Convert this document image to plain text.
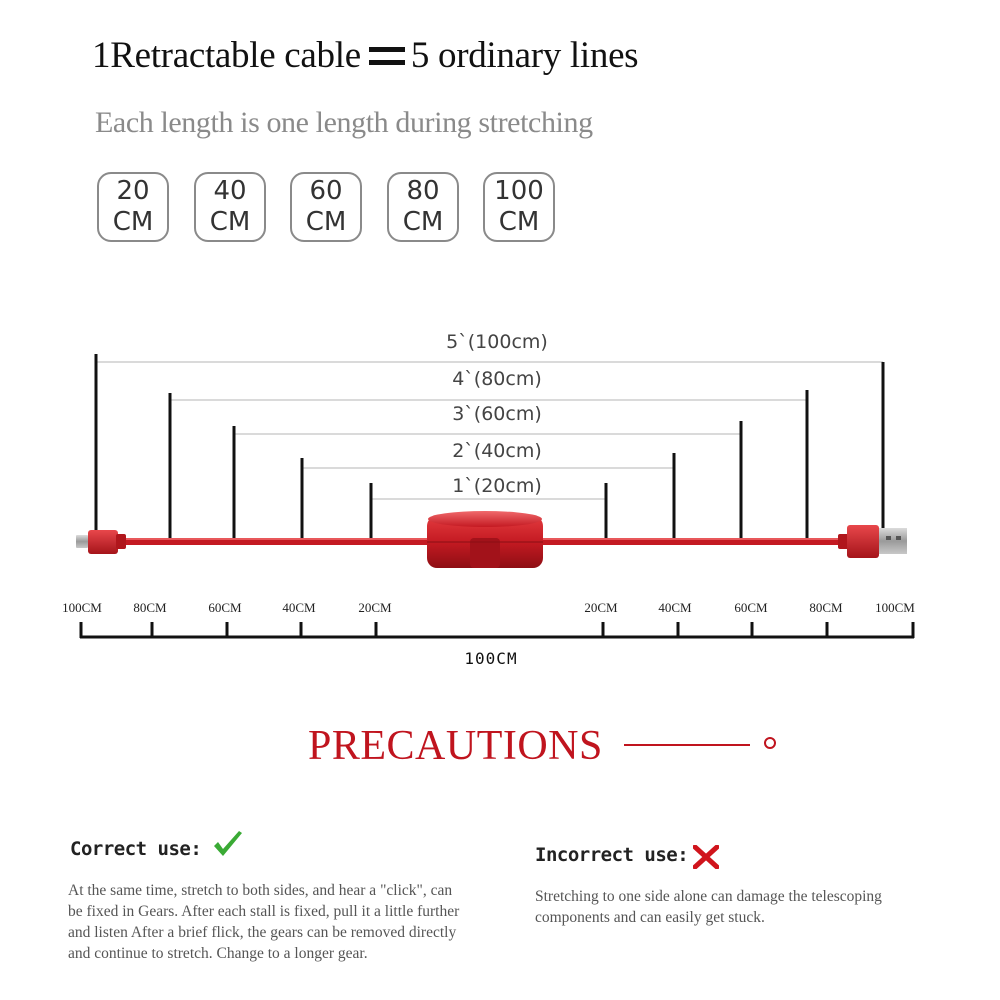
1Retractable cable 5 ordinary lines
Each length is one length during stretching
20
CM
40
CM
60
CM
80
CM
100
CM
5`(100cm)
4`(80cm)
3`(60cm)
2`(40cm)
1`(20cm)
100CM 80CM	60CM	40CM	20CM	20CM	40CM	60CM	80CM	100CM
100CM
PRECAUTIONS
Correct use:
At the same time, stretch to both sides, and hear a "click", can
be fixed in Gears. After each stall is fixed, pull it a little further
and listen After a brief flick, the gears can be removed directly
and continue to stretch. Change to a longer gear.
Incorrect use:
Stretching to one side alone can damage the telescoping
components and can easily get stuck.
